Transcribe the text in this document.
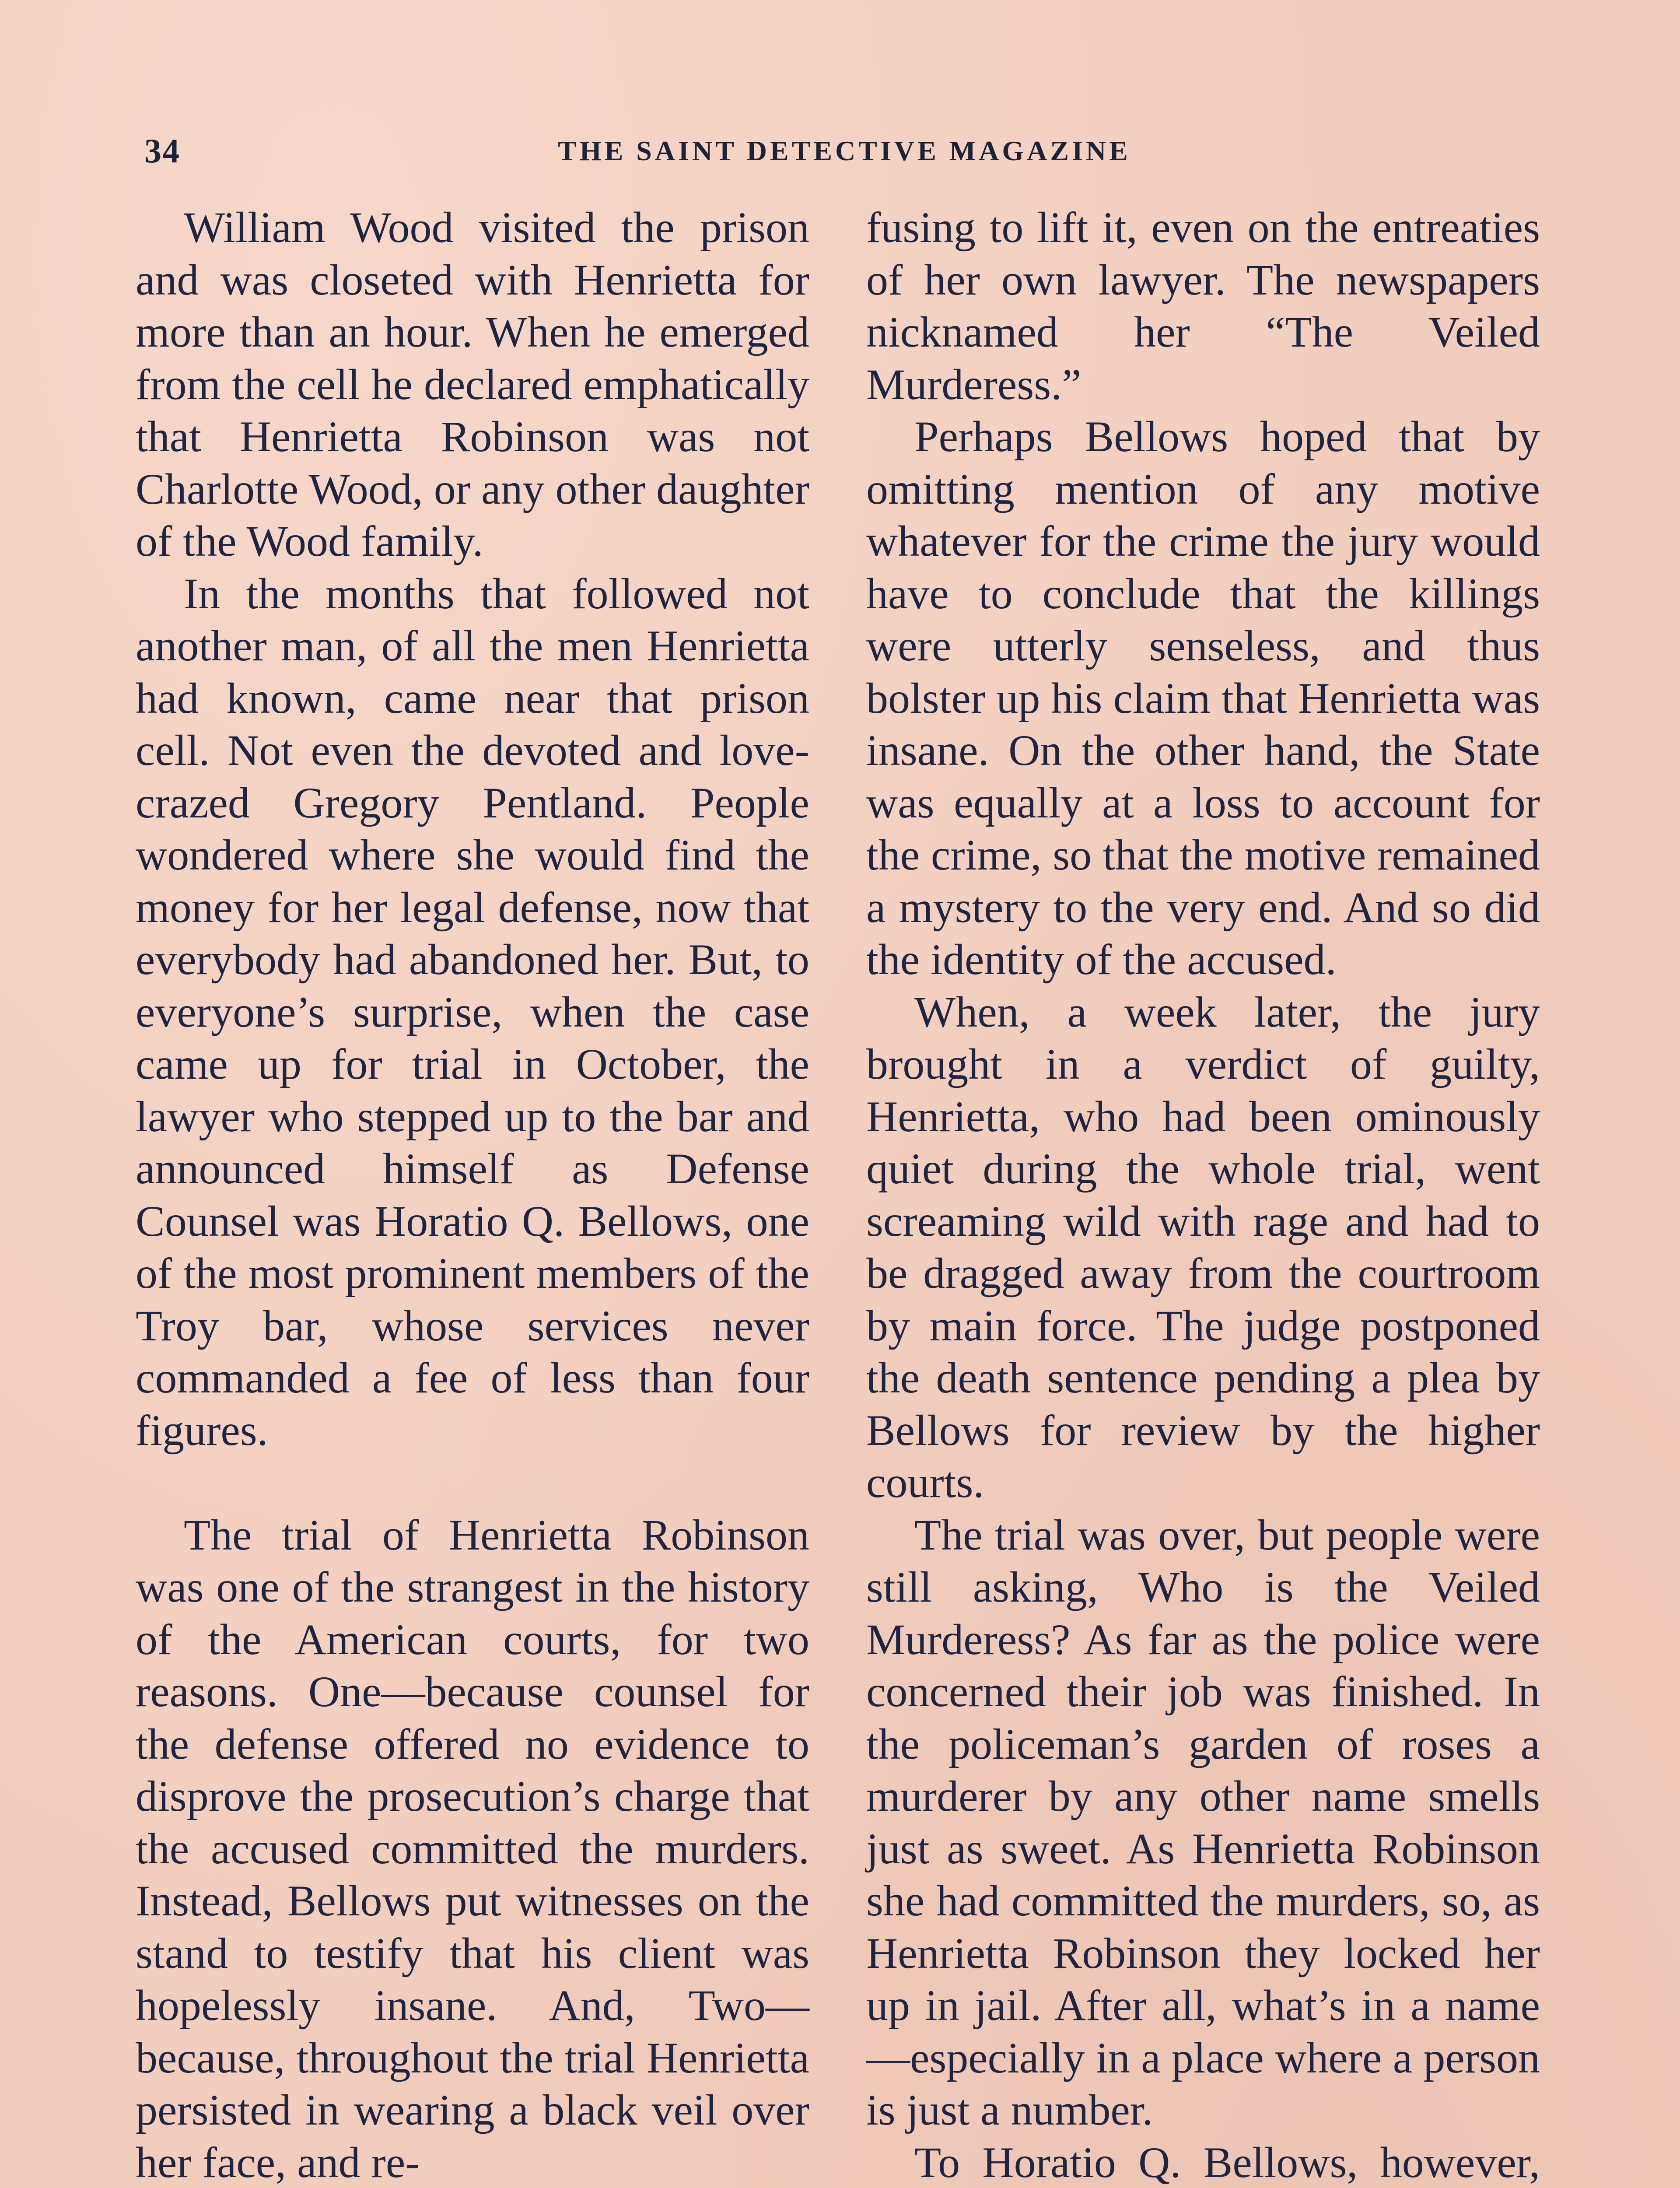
34	THE SAINT DETECTIVE MAGAZINE

William Wood visited the prison and was closeted with Henrietta for more than an hour. When he emerged from the cell he declared emphatically that Henrietta Robinson was not Charlotte Wood, or any other daughter of the Wood family.

In the months that followed not another man, of all the men Henrietta had known, came near that prison cell. Not even the devoted and love-crazed Gregory Pentland. People wondered where she would find the money for her legal defense, now that everybody had abandoned her. But, to everyone’s surprise, when the case came up for trial in October, the lawyer who stepped up to the bar and announced himself as Defense Counsel was Horatio Q. Bellows, one of the most prominent members of the Troy bar, whose services never commanded a fee of less than four figures.

The trial of Henrietta Robinson was one of the strangest in the history of the American courts, for two reasons. One—because counsel for the defense offered no evidence to disprove the prosecution’s charge that the accused committed the murders. Instead, Bellows put witnesses on the stand to testify that his client was hopelessly insane. And, Two—because, throughout the trial Henrietta persisted in wearing a black veil over her face, and re-

fusing to lift it, even on the entreaties of her own lawyer. The newspapers nicknamed her “The Veiled Murderess.”

Perhaps Bellows hoped that by omitting mention of any motive whatever for the crime the jury would have to conclude that the killings were utterly senseless, and thus bolster up his claim that Henrietta was insane. On the other hand, the State was equally at a loss to account for the crime, so that the motive remained a mystery to the very end. And so did the identity of the accused.

When, a week later, the jury brought in a verdict of guilty, Henrietta, who had been ominously quiet during the whole trial, went screaming wild with rage and had to be dragged away from the courtroom by main force. The judge postponed the death sentence pending a plea by Bellows for review by the higher courts.

The trial was over, but people were still asking, Who is the Veiled Murderess? As far as the police were concerned their job was finished. In the policeman’s garden of roses a murderer by any other name smells just as sweet. As Henrietta Robinson she had committed the murders, so, as Henrietta Robinson they locked her up in jail. After all, what’s in a name—especially in a place where a person is just a number.

To Horatio Q. Bellows, however,
